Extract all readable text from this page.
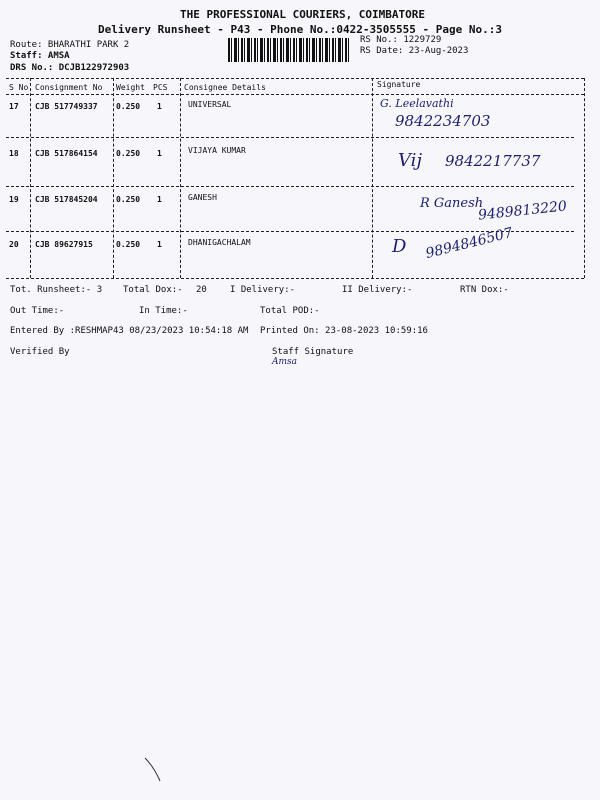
THE PROFESSIONAL COURIERS, COIMBATORE
Delivery Runsheet - P43 - Phone No.:0422-3505555 - Page No.:3
Route: BHARATHI PARK 2
Staff: AMSA
DRS No.: DCJB122972903
RS No.: 1229729
RS Date: 23-Aug-2023
S No Consignment No Weight PCS Consignee Details	Signature
17 CJB 517749337 0.250 1	UNIVERSAL	G. Leelavathi
9842234703
18 CJB 517864154 0.250 1	VIJAYA KUMAR	Vij 9842217737
19 CJB 517845204 0.250 1	GANESH	R Ganesh
9489813220
20 CJB 89627915	0.250 1	DHANIGACHALAM	D 9894846507
Tot. Runsheet:- 3 Total Dox:- 20	I Delivery:-	II Delivery:-	RTN Dox:-
Out Time:-	In Time:-	Total POD:-
Entered By :RESHMAP43 08/23/2023 10:54:18 AM Printed On: 23-08-2023 10:59:16
Verified By	Staff Signature
Amsa
